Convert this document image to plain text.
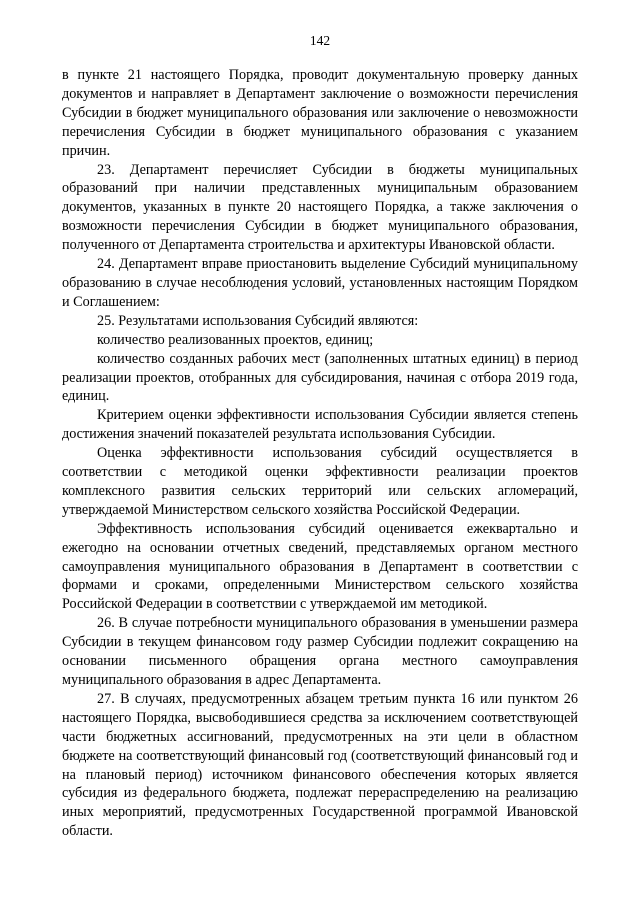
142

в пункте 21 настоящего Порядка, проводит документальную проверку данных документов и направляет в Департамент заключение о возможности перечисления Субсидии в бюджет муниципального образования или заключение о невозможности перечисления Субсидии в бюджет муниципального образования с указанием причин.

23. Департамент перечисляет Субсидии в бюджеты муниципальных образований при наличии представленных муниципальным образованием документов, указанных в пункте 20 настоящего Порядка, а также заключения о возможности перечисления Субсидии в бюджет муниципального образования, полученного от Департамента строительства и архитектуры Ивановской области.

24. Департамент вправе приостановить выделение Субсидий муниципальному образованию в случае несоблюдения условий, установленных настоящим Порядком и Соглашением:

25. Результатами использования Субсидий являются:

количество реализованных проектов, единиц;

количество созданных рабочих мест (заполненных штатных единиц) в период реализации проектов, отобранных для субсидирования, начиная с отбора 2019 года, единиц.

Критерием оценки эффективности использования Субсидии является степень достижения значений показателей результата использования Субсидии.

Оценка эффективности использования субсидий осуществляется в соответствии с методикой оценки эффективности реализации проектов комплексного развития сельских территорий или сельских агломераций, утверждаемой Министерством сельского хозяйства Российской Федерации.

Эффективность использования субсидий оценивается ежеквартально и ежегодно на основании отчетных сведений, представляемых органом местного самоуправления муниципального образования в Департамент в соответствии с формами и сроками, определенными Министерством сельского хозяйства Российской Федерации в соответствии с утверждаемой им методикой.

26. В случае потребности муниципального образования в уменьшении размера Субсидии в текущем финансовом году размер Субсидии подлежит сокращению на основании письменного обращения органа местного самоуправления муниципального образования в адрес Департамента.

27. В случаях, предусмотренных абзацем третьим пункта 16 или пунктом 26 настоящего Порядка, высвободившиеся средства за исключением соответствующей части бюджетных ассигнований, предусмотренных на эти цели в областном бюджете на соответствующий финансовый год (соответствующий финансовый год и на плановый период) источником финансового обеспечения которых является субсидия из федерального бюджета, подлежат перераспределению на реализацию иных мероприятий, предусмотренных Государственной программой Ивановской области.
